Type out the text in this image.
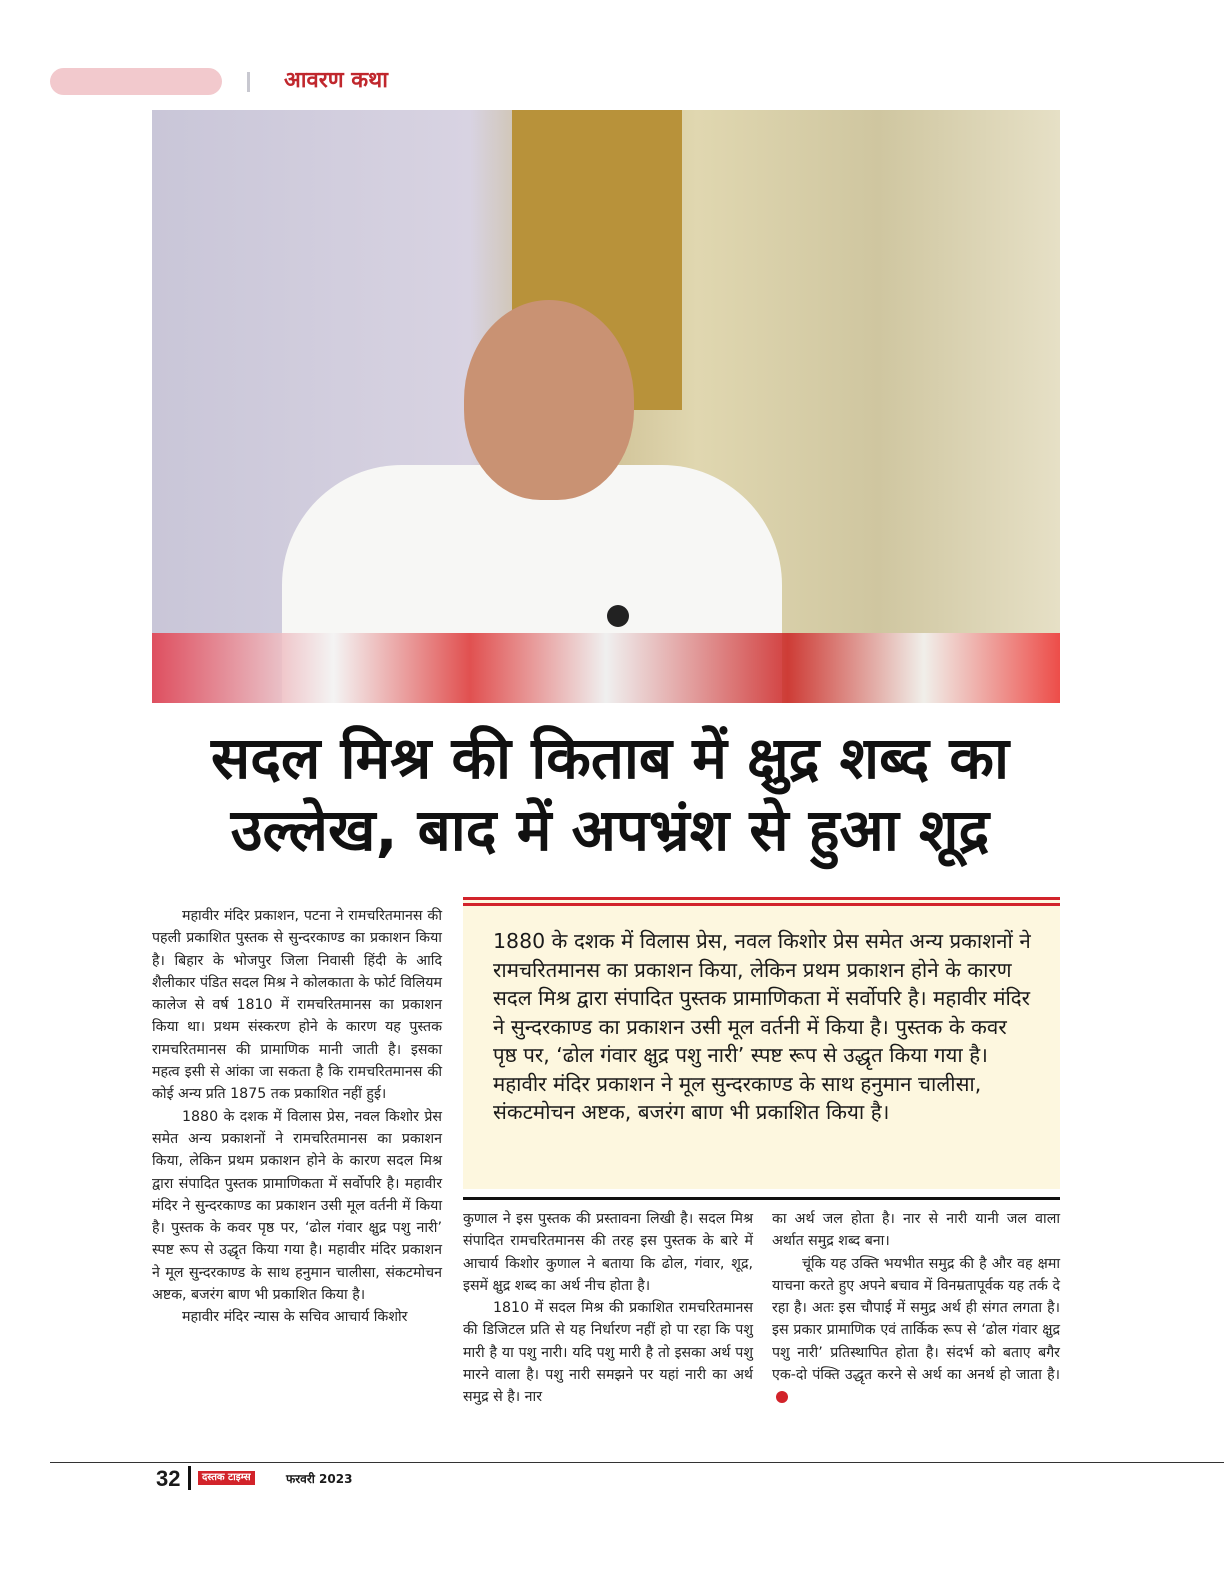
आवरण कथा
सदल मिश्र की किताब में क्षुद्र शब्द का
उल्लेख, बाद में अपभ्रंश से हुआ शूद्र

महावीर मंदिर प्रकाशन, पटना ने रामचरितमानस की पहली प्रकाशित पुस्तक से सुन्दरकाण्ड का प्रकाशन किया है। बिहार के भोजपुर जिला निवासी हिंदी के आदि शैलीकार पंडित सदल मिश्र ने कोलकाता के फोर्ट विलियम कालेज से वर्ष 1810 में रामचरितमानस का प्रकाशन किया था। प्रथम संस्करण होने के कारण यह पुस्तक रामचरितमानस की प्रामाणिक मानी जाती है। इसका महत्व इसी से आंका जा सकता है कि रामचरितमानस की कोई अन्य प्रति 1875 तक प्रकाशित नहीं हुई।

1880 के दशक में विलास प्रेस, नवल किशोर प्रेस समेत अन्य प्रकाशनों ने रामचरितमानस का प्रकाशन किया, लेकिन प्रथम प्रकाशन होने के कारण सदल मिश्र द्वारा संपादित पुस्तक प्रामाणिकता में सर्वोपरि है। महावीर मंदिर ने सुन्दरकाण्ड का प्रकाशन उसी मूल वर्तनी में किया है। पुस्तक के कवर पृष्ठ पर, ‘ढोल गंवार क्षुद्र पशु नारी’ स्पष्ट रूप से उद्धृत किया गया है। महावीर मंदिर प्रकाशन ने मूल सुन्दरकाण्ड के साथ हनुमान चालीसा, संकटमोचन अष्टक, बजरंग बाण भी प्रकाशित किया है।

महावीर मंदिर न्यास के सचिव आचार्य किशोर

1880 के दशक में विलास प्रेस, नवल किशोर प्रेस समेत अन्य प्रकाशनों ने रामचरितमानस का प्रकाशन किया, लेकिन प्रथम प्रकाशन होने के कारण सदल मिश्र द्वारा संपादित पुस्तक प्रामाणिकता में सर्वोपरि है। महावीर मंदिर ने सुन्दरकाण्ड का प्रकाशन उसी मूल वर्तनी में किया है। पुस्तक के कवर पृष्ठ पर, ‘ढोल गंवार क्षुद्र पशु नारी’ स्पष्ट रूप से उद्धृत किया गया है। महावीर मंदिर प्रकाशन ने मूल सुन्दरकाण्ड के साथ हनुमान चालीसा, संकटमोचन अष्टक, बजरंग बाण भी प्रकाशित किया है।

कुणाल ने इस पुस्तक की प्रस्तावना लिखी है। सदल मिश्र संपादित रामचरितमानस की तरह इस पुस्तक के बारे में आचार्य किशोर कुणाल ने बताया कि ढोल, गंवार, शूद्र, इसमें क्षुद्र शब्द का अर्थ नीच होता है।

1810 में सदल मिश्र की प्रकाशित रामचरितमानस की डिजिटल प्रति से यह निर्धारण नहीं हो पा रहा कि पशु मारी है या पशु नारी। यदि पशु मारी है तो इसका अर्थ पशु मारने वाला है। पशु नारी समझने पर यहां नारी का अर्थ समुद्र से है। नार

का अर्थ जल होता है। नार से नारी यानी जल वाला अर्थात समुद्र शब्द बना।

चूंकि यह उक्ति भयभीत समुद्र की है और वह क्षमा याचना करते हुए अपने बचाव में विनम्रतापूर्वक यह तर्क दे रहा है। अतः इस चौपाई में समुद्र अर्थ ही संगत लगता है। इस प्रकार प्रामाणिक एवं तार्किक रूप से ‘ढोल गंवार क्षुद्र पशु नारी’ प्रतिस्थापित होता है। संदर्भ को बताए बगैर एक-दो पंक्ति उद्धृत करने से अर्थ का अनर्थ हो जाता है।

32	दस्तक टाइम्स	फरवरी 2023
